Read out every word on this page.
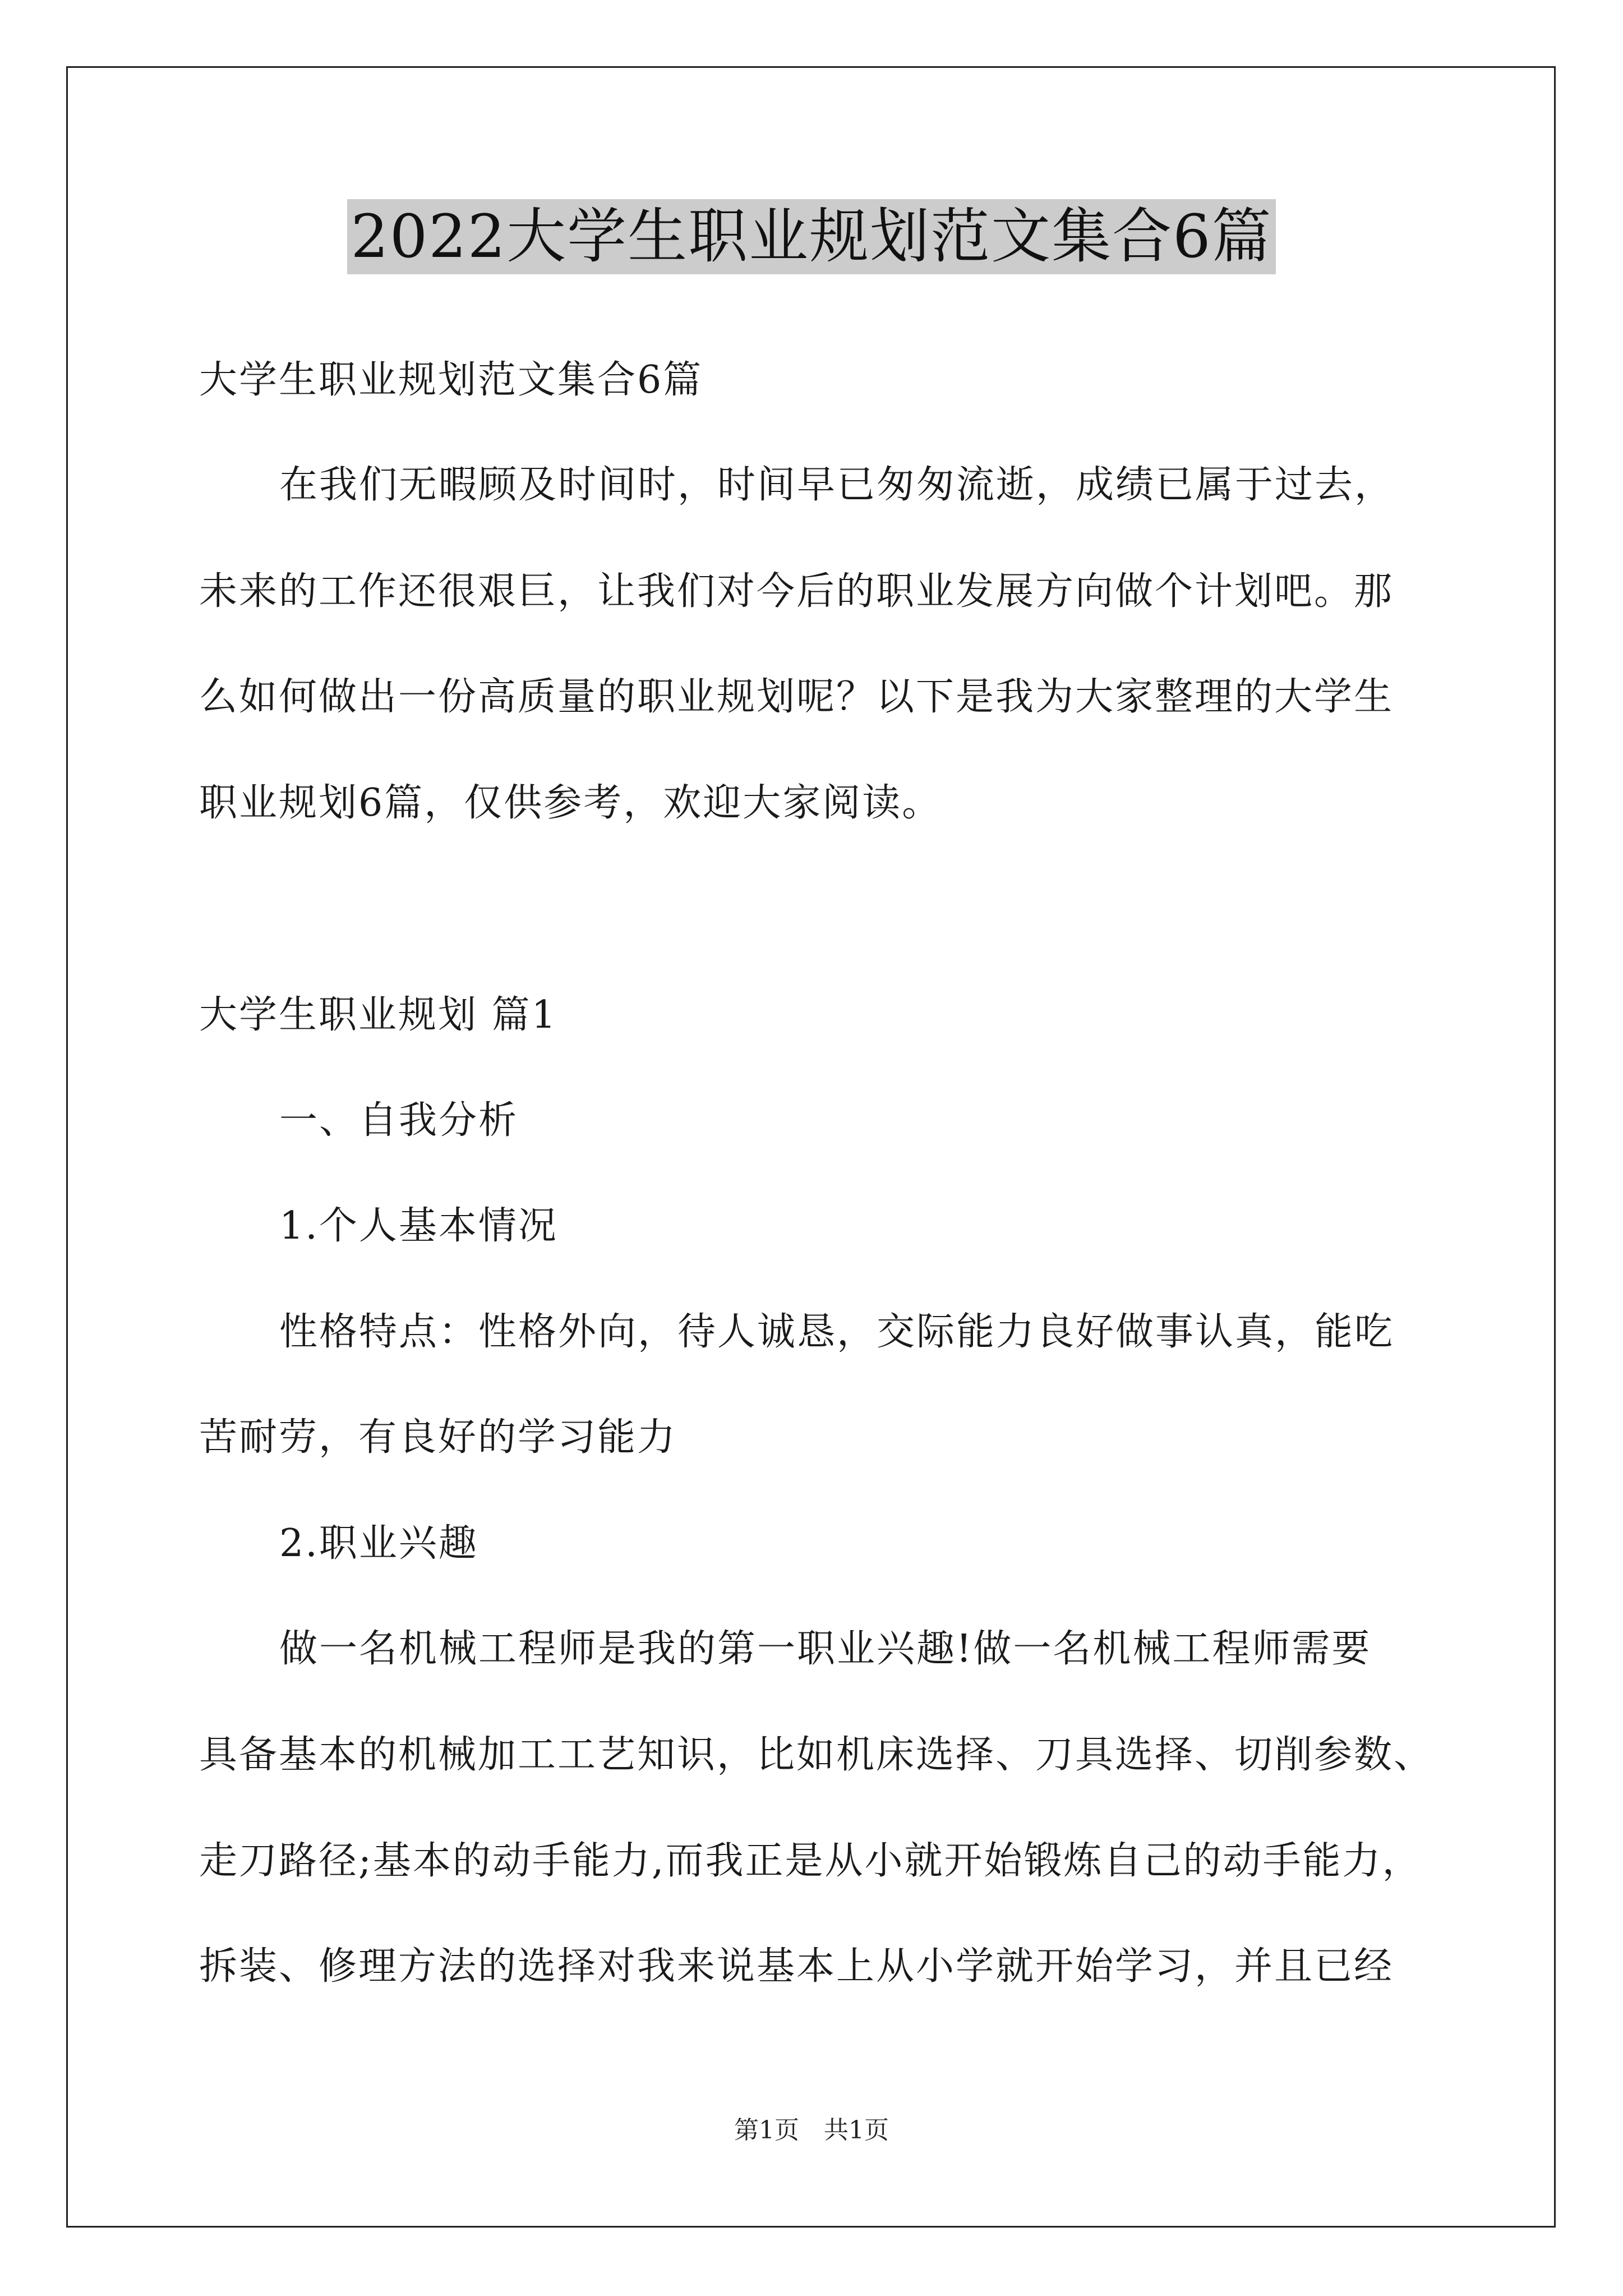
2022大学生职业规划范文集合6篇
大学生职业规划范文集合6篇
在我们无暇顾及时间时，时间早已匆匆流逝，成绩已属于过去，
未来的工作还很艰巨，让我们对今后的职业发展方向做个计划吧。那
么如何做出一份高质量的职业规划呢？以下是我为大家整理的大学生
职业规划6篇，仅供参考，欢迎大家阅读。
大学生职业规划 篇1
一、自我分析
1.个人基本情况
性格特点：性格外向，待人诚恳，交际能力良好做事认真，能吃
苦耐劳，有良好的学习能力
2.职业兴趣
做一名机械工程师是我的第一职业兴趣!做一名机械工程师需要
具备基本的机械加工工艺知识，比如机床选择、刀具选择、切削参数、
走刀路径;基本的动手能力,而我正是从小就开始锻炼自己的动手能力，
拆装、修理方法的选择对我来说基本上从小学就开始学习，并且已经
第1页　共1页
